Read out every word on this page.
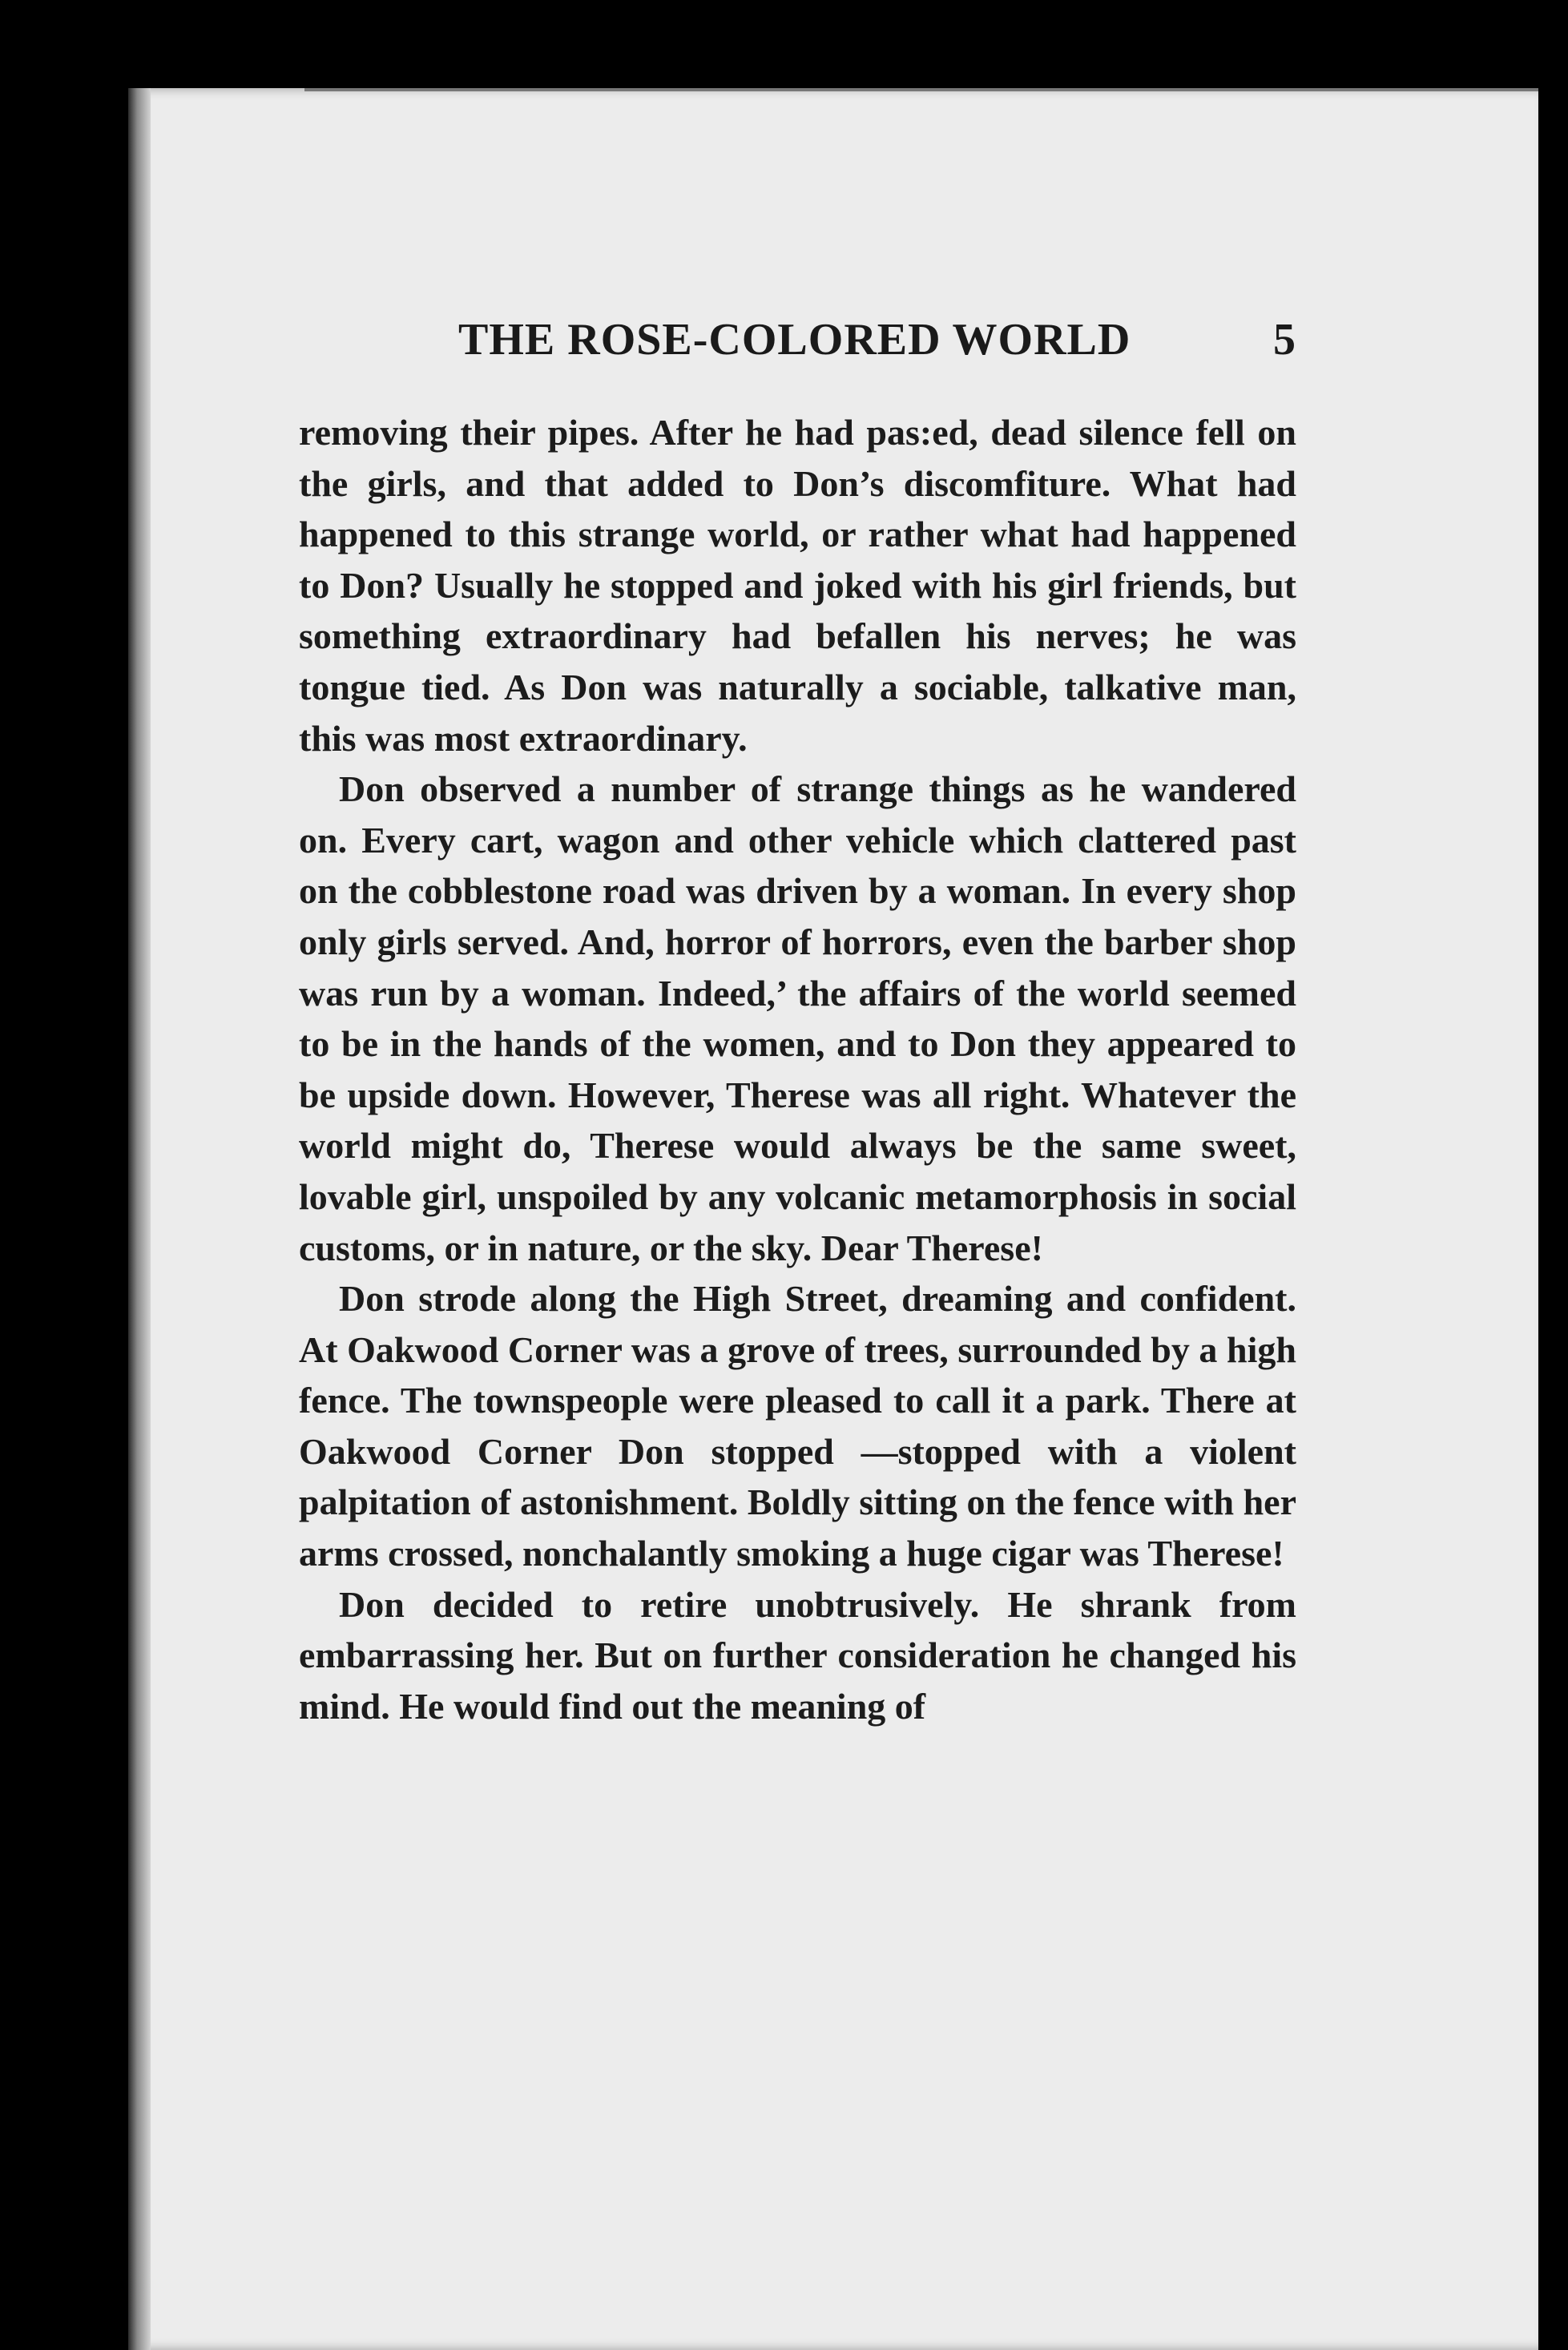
THE ROSE-COLORED WORLD	5

removing their pipes. After he had pas:ed, dead silence fell on the girls, and that added to Don’s discomfiture. What had happened to this strange world, or rather what had happened to Don? Usually he stopped and joked with his girl friends, but something extraordinary had befallen his nerves; he was tongue tied. As Don was naturally a sociable, talkative man, this was most extraordinary.

Don observed a number of strange things as he wandered on. Every cart, wagon and other vehicle which clattered past on the cobblestone road was driven by a woman. In every shop only girls served. And, horror of horrors, even the barber shop was run by a woman. Indeed,’ the affairs of the world seemed to be in the hands of the women, and to Don they appeared to be upside down. However, Therese was all right. Whatever the world might do, Therese would always be the same sweet, lovable girl, unspoiled by any volcanic metamorphosis in social customs, or in nature, or the sky. Dear Therese!

Don strode along the High Street, dreaming and confident. At Oakwood Corner was a grove of trees, surrounded by a high fence. The townspeople were pleased to call it a park. There at Oakwood Corner Don stopped —stopped with a violent palpitation of astonishment. Boldly sitting on the fence with her arms crossed, nonchalantly smoking a huge cigar was Therese!

Don decided to retire unobtrusively. He shrank from embarrassing her. But on further consideration he changed his mind. He would find out the meaning of
